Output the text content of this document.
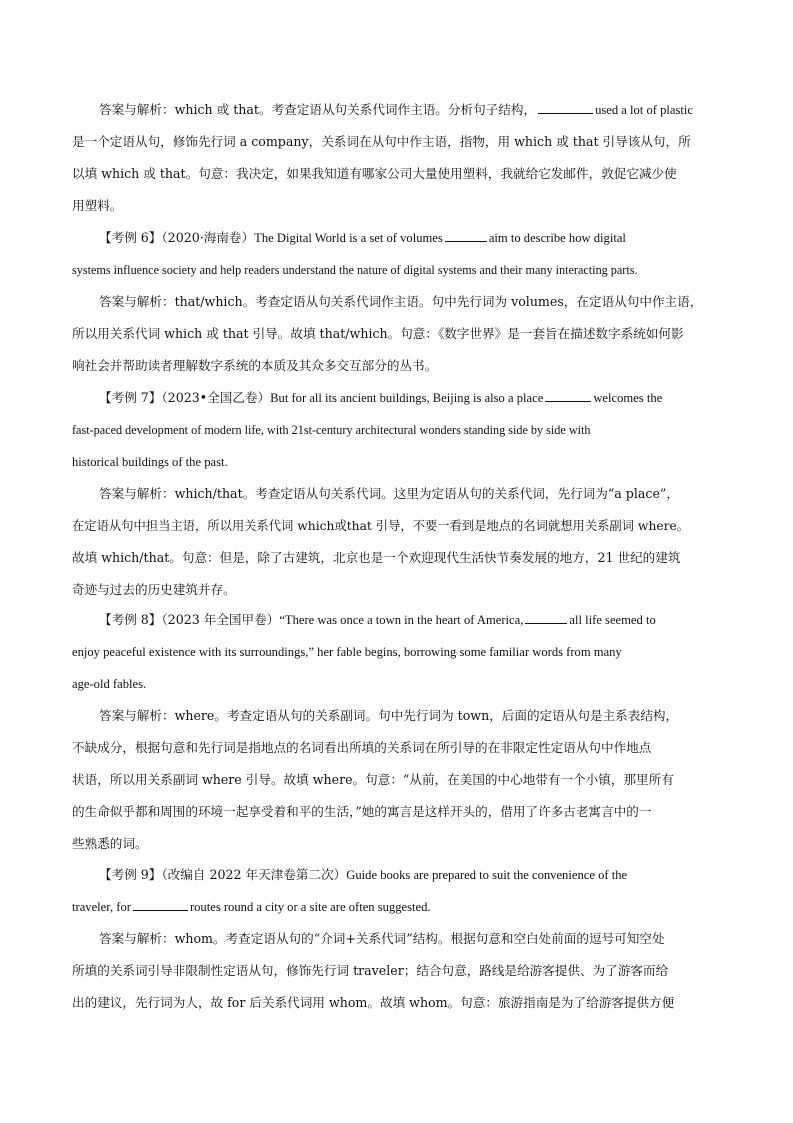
答案与解析：which 或 that。考查定语从句关系代词作主语。分析句子结构，	used a lot of plastic
是一个定语从句，修饰先行词 a company，关系词在从句中作主语，指物，用 which 或 that 引导该从句，所
以填 which 或 that。句意：我决定，如果我知道有哪家公司大量使用塑料，我就给它发邮件，敦促它减少使
用塑料。
【考例 6】（2020·海南卷）The Digital World is a set of volumes	aim to describe how digital
systems influence society and help readers understand the nature of digital systems and their many interacting parts.
答案与解析：that/which。考查定语从句关系代词作主语。句中先行词为 volumes，在定语从句中作主语，
所以用关系代词 which 或 that 引导。故填 that/which。句意：《数字世界》是一套旨在描述数字系统如何影
响社会并帮助读者理解数字系统的本质及其众多交互部分的丛书。
【考例 7】（2023•全国乙卷）But for all its ancient buildings, Beijing is also a place	welcomes the
fast-paced development of modern life, with 21st-century architectural wonders standing side by side with
historical buildings of the past.
答案与解析：which/that。考查定语从句关系代词。这里为定语从句的关系代词，先行词为“a place”，
在定语从句中担当主语，所以用关系代词 which或that 引导，不要一看到是地点的名词就想用关系副词 where。
故填 which/that。句意：但是，除了古建筑，北京也是一个欢迎现代生活快节奏发展的地方，21 世纪的建筑
奇迹与过去的历史建筑并存。
【考例 8】（2023 年全国甲卷）“There was once a town in the heart of America,	all life seemed to
enjoy peaceful existence with its surroundings,” her fable begins, borrowing some familiar words from many
age-old fables.
答案与解析：where。考查定语从句的关系副词。句中先行词为 town，后面的定语从句是主系表结构，
不缺成分，根据句意和先行词是指地点的名词看出所填的关系词在所引导的在非限定性定语从句中作地点
状语，所以用关系副词 where 引导。故填 where。句意：“从前，在美国的中心地带有一个小镇，那里所有
的生命似乎都和周围的环境一起享受着和平的生活，”她的寓言是这样开头的，借用了许多古老寓言中的一
些熟悉的词。
【考例 9】（改编自 2022 年天津卷第二次）Guide books are prepared to suit the convenience of the
traveler, for	routes round a city or a site are often suggested.
答案与解析：whom。考查定语从句的“介词+关系代词”结构。根据句意和空白处前面的逗号可知空处
所填的关系词引导非限制性定语从句，修饰先行词 traveler；结合句意，路线是给游客提供、为了游客而给
出的建议，先行词为人，故 for 后关系代词用 whom。故填 whom。句意：旅游指南是为了给游客提供方便
